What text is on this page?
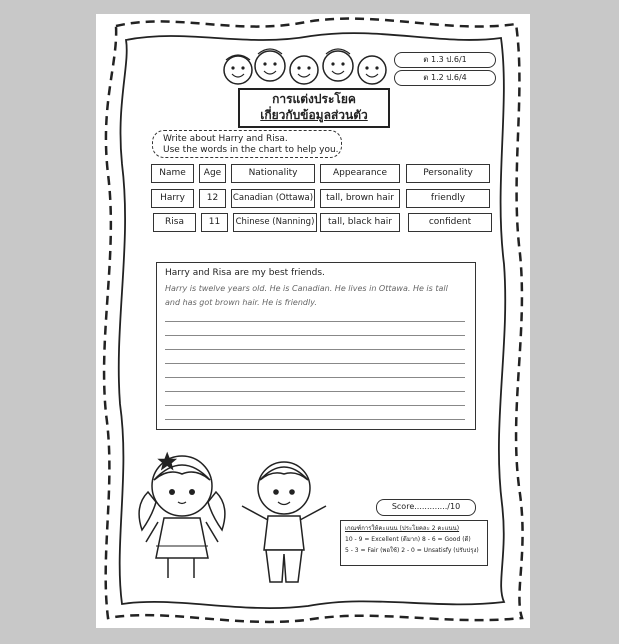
การแต่งประโยค
เกี่ยวกับข้อมูลส่วนตัว
ต 1.3 ป.6/1
ต 1.2 ป.6/4
Write about Harry and Risa.
Use the words in the chart to help you.
Name	Age	Nationality	Appearance	Personality
Harry	12	Canadian (Ottawa)	tall, brown hair	friendly
Risa	11	Chinese (Nanning)	tall, black hair	confident
Harry and Risa are my best friends.
Harry is twelve years old. He is Canadian. He lives in Ottawa. He is tall
and has got brown hair. He is friendly.
Score............./10
เกณฑ์การให้คะแนน (ประโยคละ 2 คะแนน)
10 - 9 = Excellent (ดีมาก) 8 - 6 = Good (ดี)
5 - 3 = Fair (พอใช้) 2 - 0 = Unsatisfy (ปรับปรุง)
